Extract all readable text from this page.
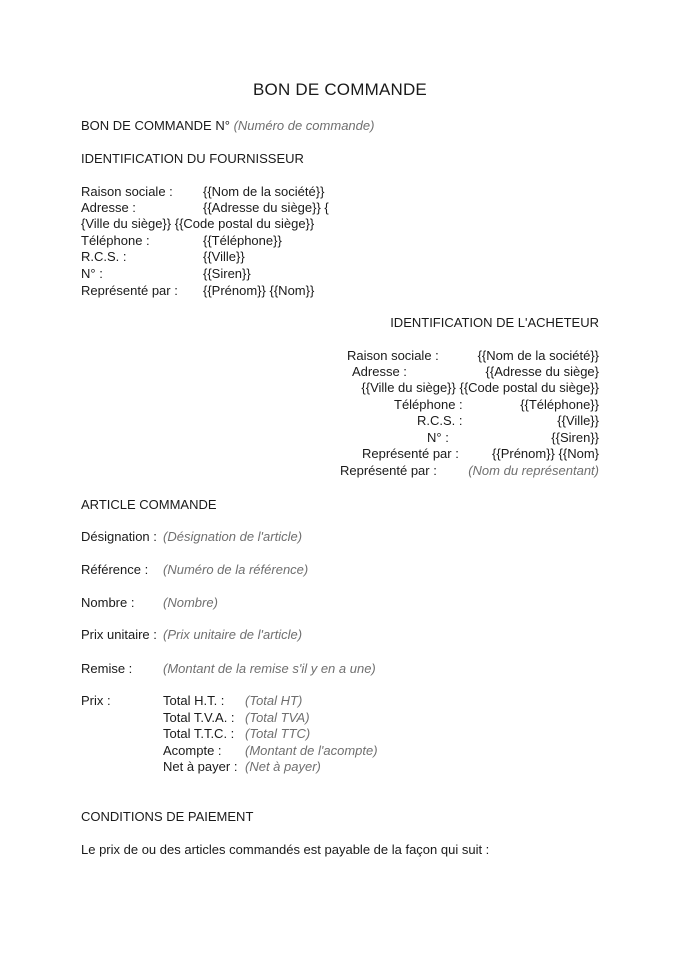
BON DE COMMANDE
BON DE COMMANDE N° (Numéro de commande)
IDENTIFICATION DU FOURNISSEUR
Raison sociale : {{Nom de la société}}
Adresse :	{{Adresse du siège}} {
{Ville du siège}} {{Code postal du siège}}
Téléphone :	{{Téléphone}}
R.C.S. :	{{Ville}}
N° :	{{Siren}}
Représenté par : {{Prénom}} {{Nom}}
IDENTIFICATION DE L'ACHETEUR
Raison sociale :	{{Nom de la société}}
Adresse :	{{Adresse du siège}
{{Ville du siège}} {{Code postal du siège}}
Téléphone :	{{Téléphone}}
R.C.S. :	{{Ville}}
N° :	{{Siren}}
Représenté par :	{{Prénom}} {{Nom}
Représenté par : (Nom du représentant)
ARTICLE COMMANDE
Désignation : (Désignation de l'article)
Référence : (Numéro de la référence)
Nombre : (Nombre)
Prix unitaire : (Prix unitaire de l'article)
Remise : (Montant de la remise s'il y en a une)
Prix :	Total H.T. : (Total HT)
Total T.V.A. : (Total TVA)
Total T.T.C. : (Total TTC)
Acompte : (Montant de l'acompte)
Net à payer : (Net à payer)
CONDITIONS DE PAIEMENT
Le prix de ou des articles commandés est payable de la façon qui suit :
